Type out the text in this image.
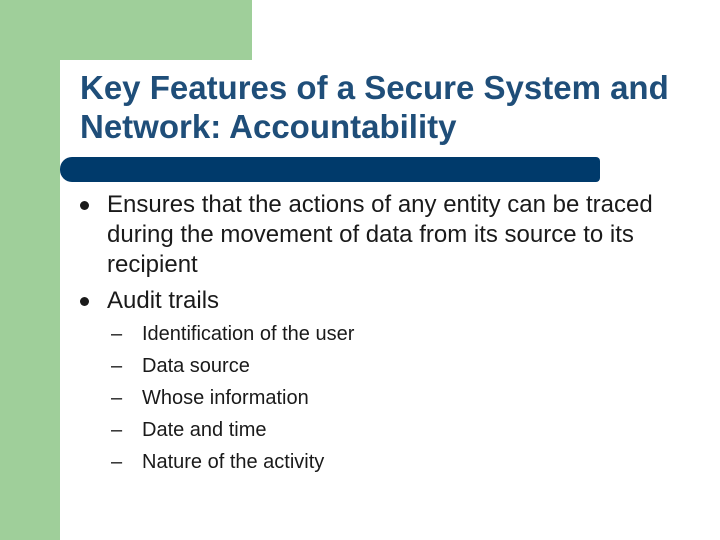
Key Features of a Secure System and Network: Accountability
Ensures that the actions of any entity can be traced during the movement of data from its source to its recipient
Audit trails
– Identification of the user
– Data source
– Whose information
– Date and time
– Nature of the activity
